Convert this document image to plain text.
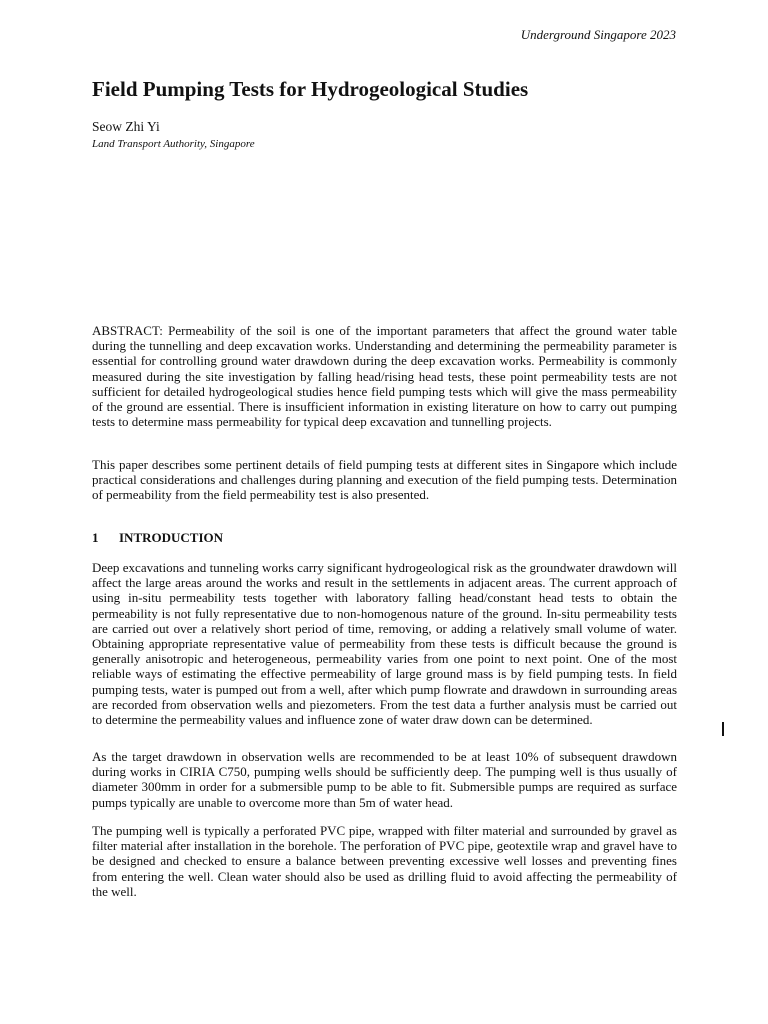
Underground Singapore 2023
Field Pumping Tests for Hydrogeological Studies
Seow Zhi Yi
Land Transport Authority, Singapore

ABSTRACT: Permeability of the soil is one of the important parameters that affect the ground water table during the tunnelling and deep excavation works. Understanding and determining the permeability parameter is essential for controlling ground water drawdown during the deep excavation works. Permeability is commonly measured during the site investigation by falling head/rising head tests, these point permeability tests are not sufficient for detailed hydrogeological studies hence field pumping tests which will give the mass permeability of the ground are essential. There is insufficient information in existing literature on how to carry out pumping tests to determine mass permeability for typical deep excavation and tunnelling projects.

This paper describes some pertinent details of field pumping tests at different sites in Singapore which include practical considerations and challenges during planning and execution of the field pumping tests. Determination of permeability from the field permeability test is also presented.

1 INTRODUCTION

Deep excavations and tunneling works carry significant hydrogeological risk as the groundwater drawdown will affect the large areas around the works and result in the settlements in adjacent areas. The current approach of using in-situ permeability tests together with laboratory falling head/constant head tests to obtain the permeability is not fully representative due to non-homogenous nature of the ground. In-situ permeability tests are carried out over a relatively short period of time, removing, or adding a relatively small volume of water. Obtaining appropriate representative value of permeability from these tests is difficult because the ground is generally anisotropic and heterogeneous, permeability varies from one point to next point. One of the most reliable ways of estimating the effective permeability of large ground mass is by field pumping tests. In field pumping tests, water is pumped out from a well, after which pump flowrate and drawdown in surrounding areas are recorded from observation wells and piezometers. From the test data a further analysis must be carried out to determine the permeability values and influence zone of water draw down can be determined.

As the target drawdown in observation wells are recommended to be at least 10% of subsequent drawdown during works in CIRIA C750, pumping wells should be sufficiently deep. The pumping well is thus usually of diameter 300mm in order for a submersible pump to be able to fit. Submersible pumps are required as surface pumps typically are unable to overcome more than 5m of water head.

The pumping well is typically a perforated PVC pipe, wrapped with filter material and surrounded by gravel as filter material after installation in the borehole. The perforation of PVC pipe, geotextile wrap and gravel have to be designed and checked to ensure a balance between preventing excessive well losses and preventing fines from entering the well. Clean water should also be used as drilling fluid to avoid affecting the permeability of the well.
